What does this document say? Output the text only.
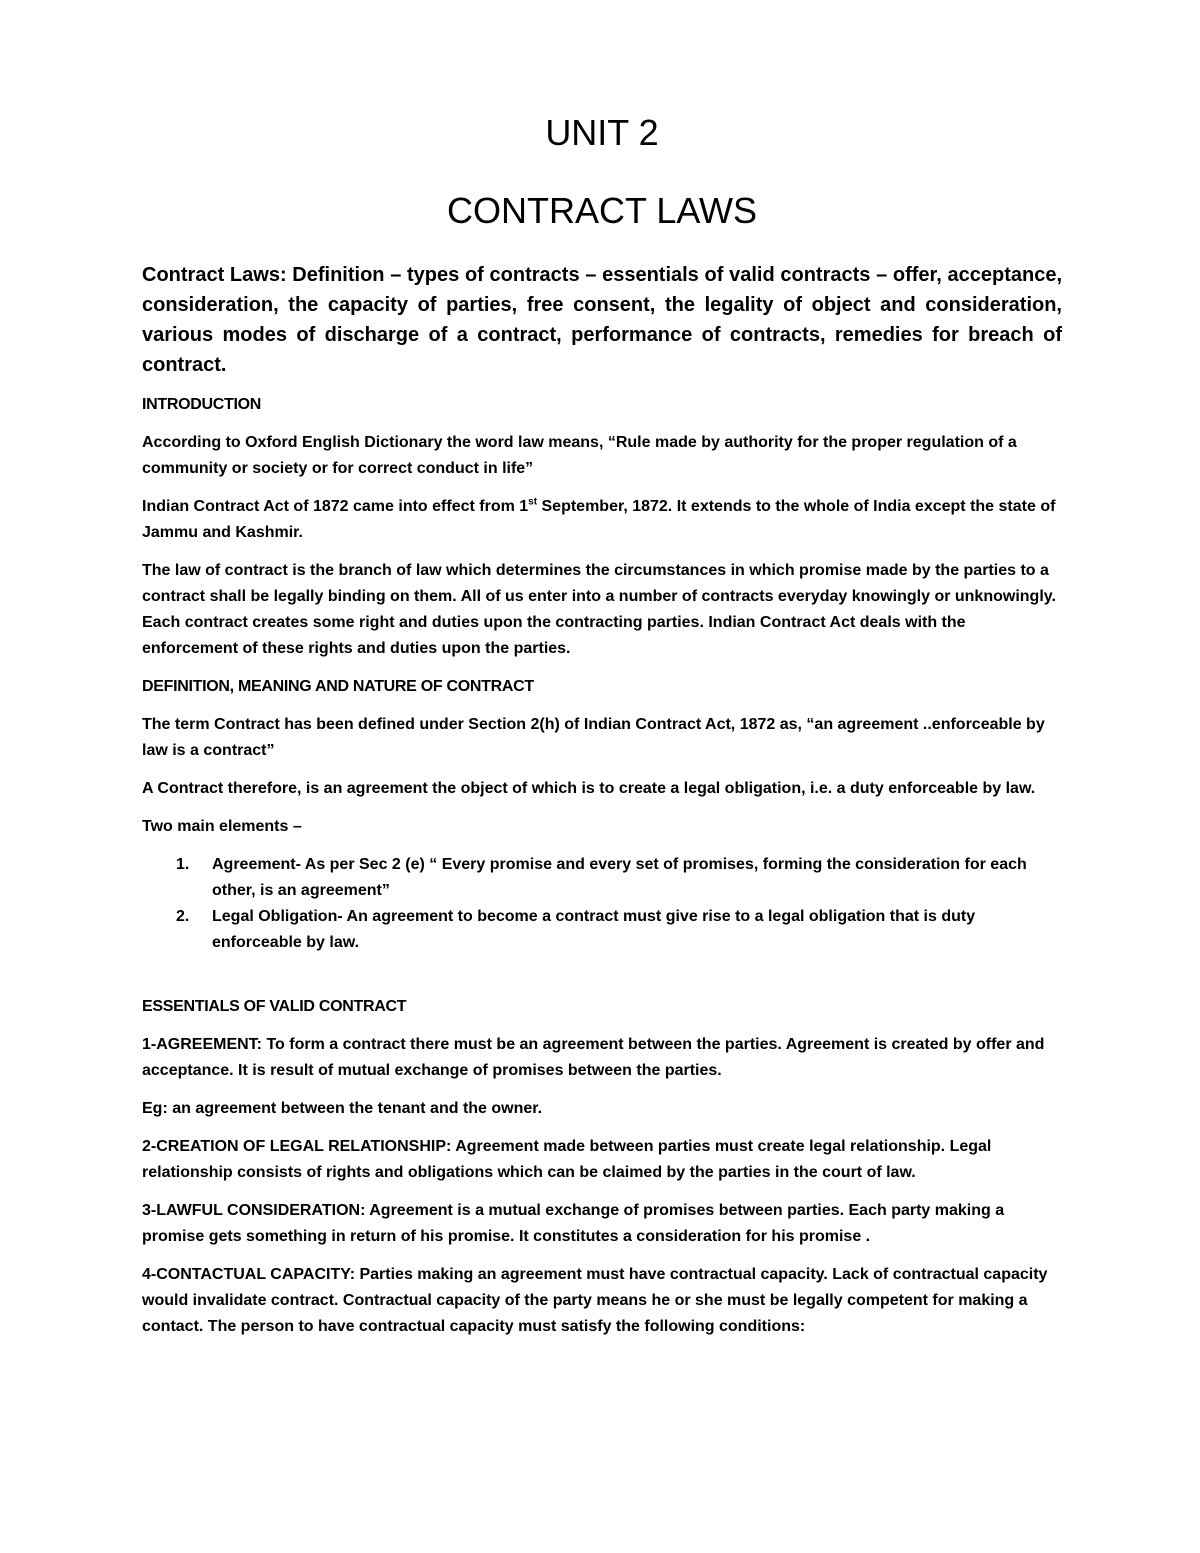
UNIT 2
CONTRACT LAWS

Contract Laws: Definition – types of contracts – essentials of valid contracts – offer, acceptance, consideration, the capacity of parties, free consent, the legality of object and consideration, various modes of discharge of a contract, performance of contracts, remedies for breach of contract.

INTRODUCTION

According to Oxford English Dictionary the word law means, “Rule made by authority for the proper regulation of a community or society or for correct conduct in life”

Indian Contract Act of 1872 came into effect from 1st September, 1872. It extends to the whole of India except the state of Jammu and Kashmir.

The law of contract is the branch of law which determines the circumstances in which promise made by the parties to a contract shall be legally binding on them. All of us enter into a number of contracts everyday knowingly or unknowingly. Each contract creates some right and duties upon the contracting parties. Indian Contract Act deals with the enforcement of these rights and duties upon the parties.

DEFINITION, MEANING AND NATURE OF CONTRACT

The term Contract has been defined under Section 2(h) of Indian Contract Act, 1872 as, “an agreement ..enforceable by law is a contract”

A Contract therefore, is an agreement the object of which is to create a legal obligation, i.e. a duty enforceable by law.

Two main elements –

1. Agreement- As per Sec 2 (e) “ Every promise and every set of promises, forming the consideration for each other, is an agreement”
2. Legal Obligation- An agreement to become a contract must give rise to a legal obligation that is duty enforceable by law.

ESSENTIALS OF VALID CONTRACT

1-AGREEMENT: To form a contract there must be an agreement between the parties. Agreement is created by offer and acceptance. It is result of mutual exchange of promises between the parties.

Eg: an agreement between the tenant and the owner.

2-CREATION OF LEGAL RELATIONSHIP: Agreement made between parties must create legal relationship. Legal relationship consists of rights and obligations which can be claimed by the parties in the court of law.

3-LAWFUL CONSIDERATION: Agreement is a mutual exchange of promises between parties. Each party making a promise gets something in return of his promise. It constitutes a consideration for his promise .

4-CONTACTUAL CAPACITY: Parties making an agreement must have contractual capacity. Lack of contractual capacity would invalidate contract. Contractual capacity of the party means he or she must be legally competent for making a contact. The person to have contractual capacity must satisfy the following conditions:
